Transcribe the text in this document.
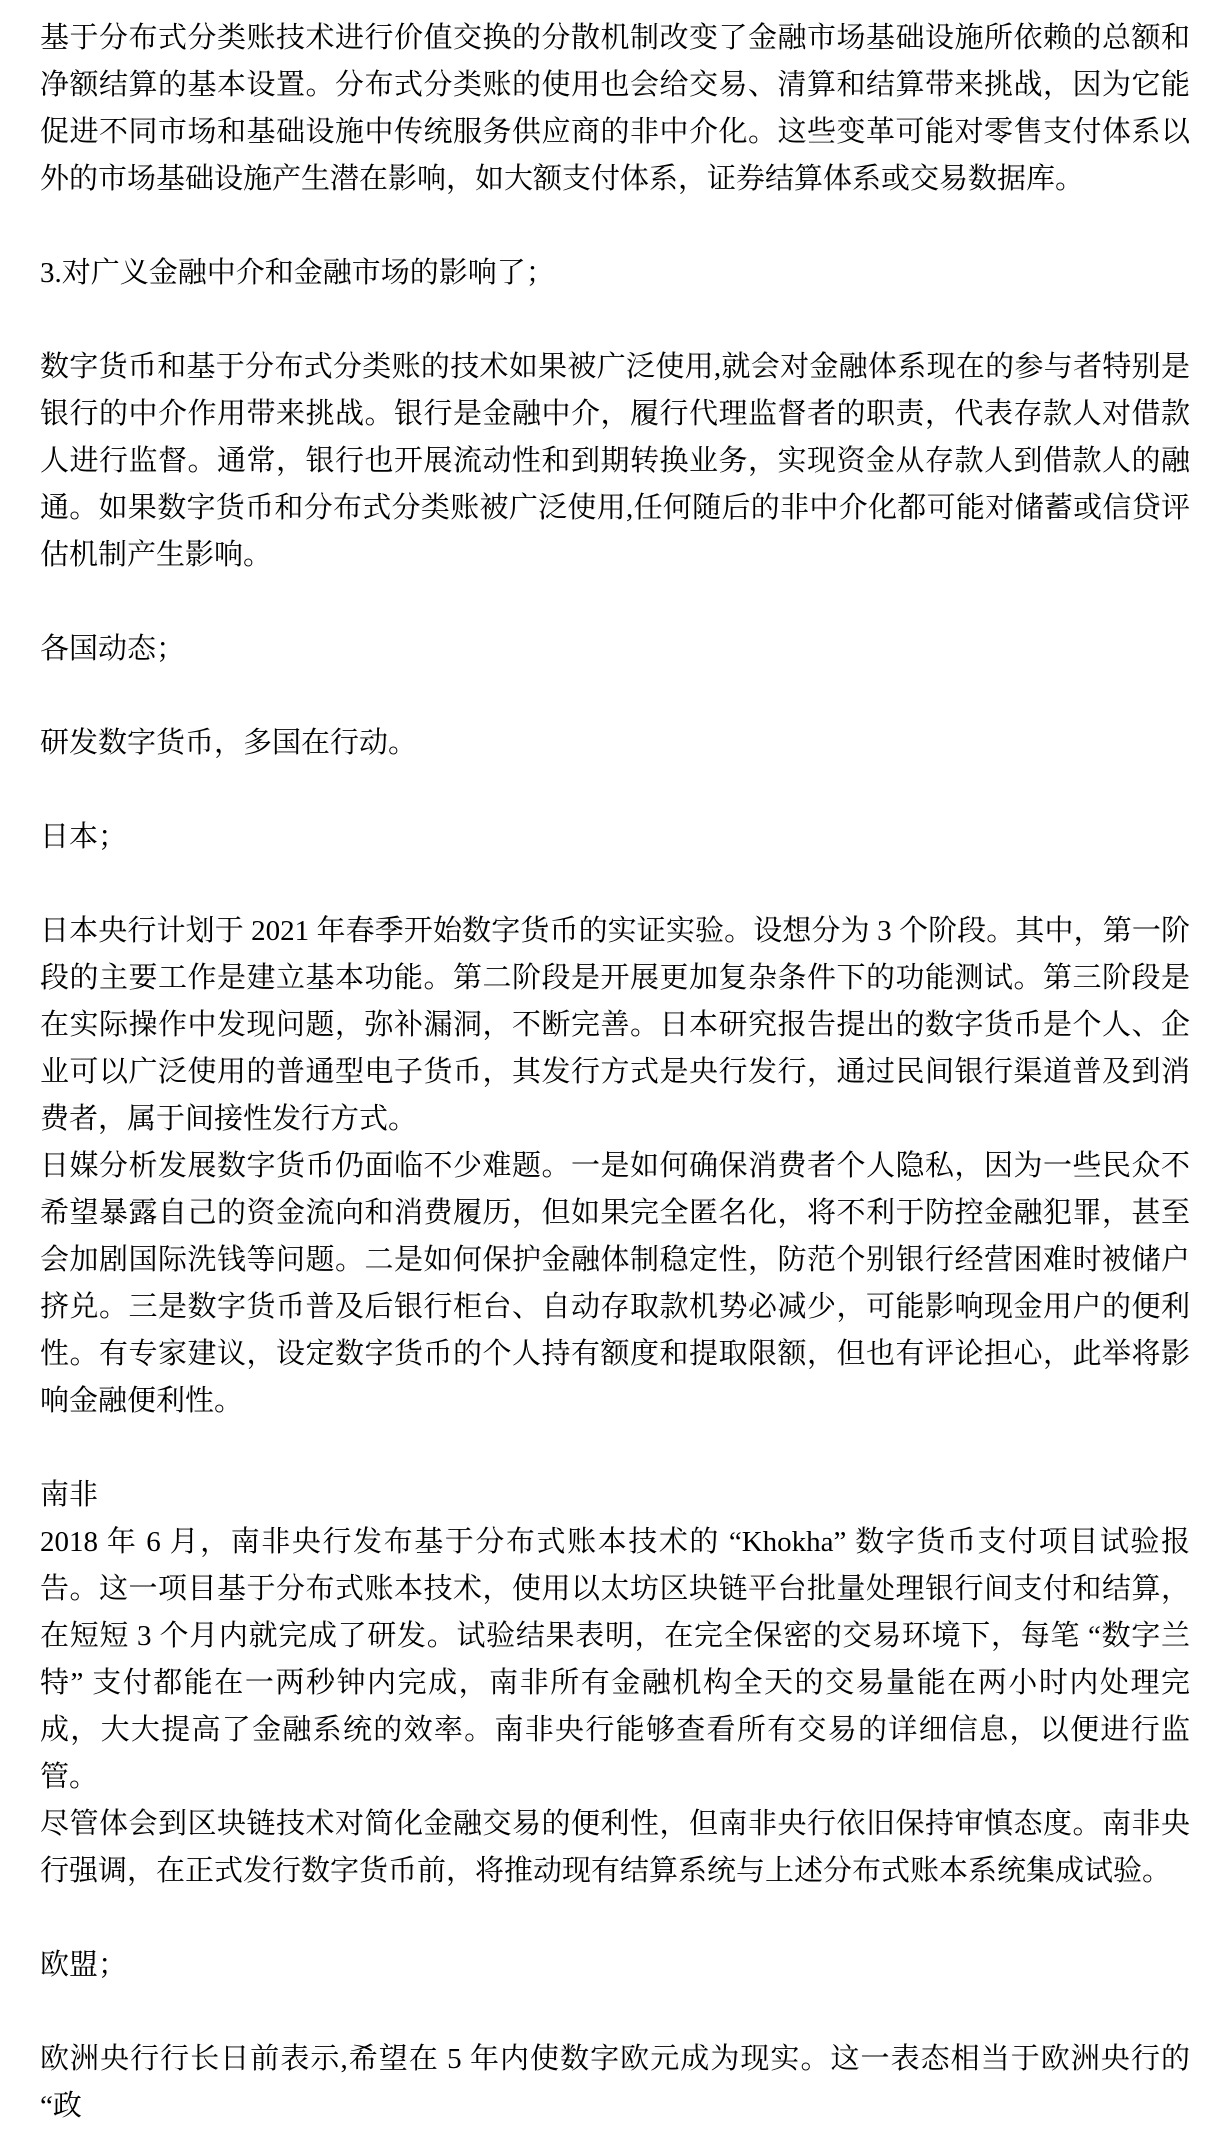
基于分布式分类账技术进行价值交换的分散机制改变了金融市场基础设施所依赖的总额和净额结算的基本设置。分布式分类账的使用也会给交易、清算和结算带来挑战，因为它能促进不同市场和基础设施中传统服务供应商的非中介化。这些变革可能对零售支付体系以外的市场基础设施产生潜在影响，如大额支付体系，证券结算体系或交易数据库。

3.对广义金融中介和金融市场的影响了；

数字货币和基于分布式分类账的技术如果被广泛使用,就会对金融体系现在的参与者特别是银行的中介作用带来挑战。银行是金融中介，履行代理监督者的职责，代表存款人对借款人进行监督。通常，银行也开展流动性和到期转换业务，实现资金从存款人到借款人的融通。如果数字货币和分布式分类账被广泛使用,任何随后的非中介化都可能对储蓄或信贷评估机制产生影响。

各国动态；

研发数字货币，多国在行动。

日本；

日本央行计划于 2021 年春季开始数字货币的实证实验。设想分为 3 个阶段。其中，第一阶段的主要工作是建立基本功能。第二阶段是开展更加复杂条件下的功能测试。第三阶段是在实际操作中发现问题，弥补漏洞，不断完善。日本研究报告提出的数字货币是个人、企业可以广泛使用的普通型电子货币，其发行方式是央行发行，通过民间银行渠道普及到消费者，属于间接性发行方式。

日媒分析发展数字货币仍面临不少难题。一是如何确保消费者个人隐私，因为一些民众不希望暴露自己的资金流向和消费履历，但如果完全匿名化，将不利于防控金融犯罪，甚至会加剧国际洗钱等问题。二是如何保护金融体制稳定性，防范个别银行经营困难时被储户挤兑。三是数字货币普及后银行柜台、自动存取款机势必减少，可能影响现金用户的便利性。有专家建议，设定数字货币的个人持有额度和提取限额，但也有评论担心，此举将影响金融便利性。

南非

2018 年 6 月，南非央行发布基于分布式账本技术的 “Khokha” 数字货币支付项目试验报告。这一项目基于分布式账本技术，使用以太坊区块链平台批量处理银行间支付和结算，在短短 3 个月内就完成了研发。试验结果表明，在完全保密的交易环境下，每笔 “数字兰特” 支付都能在一两秒钟内完成，南非所有金融机构全天的交易量能在两小时内处理完成，大大提高了金融系统的效率。南非央行能够查看所有交易的详细信息，以便进行监管。

尽管体会到区块链技术对简化金融交易的便利性，但南非央行依旧保持审慎态度。南非央行强调，在正式发行数字货币前，将推动现有结算系统与上述分布式账本系统集成试验。

欧盟；

欧洲央行行长日前表示,希望在 5 年内使数字欧元成为现实。这一表态相当于欧洲央行的“政
